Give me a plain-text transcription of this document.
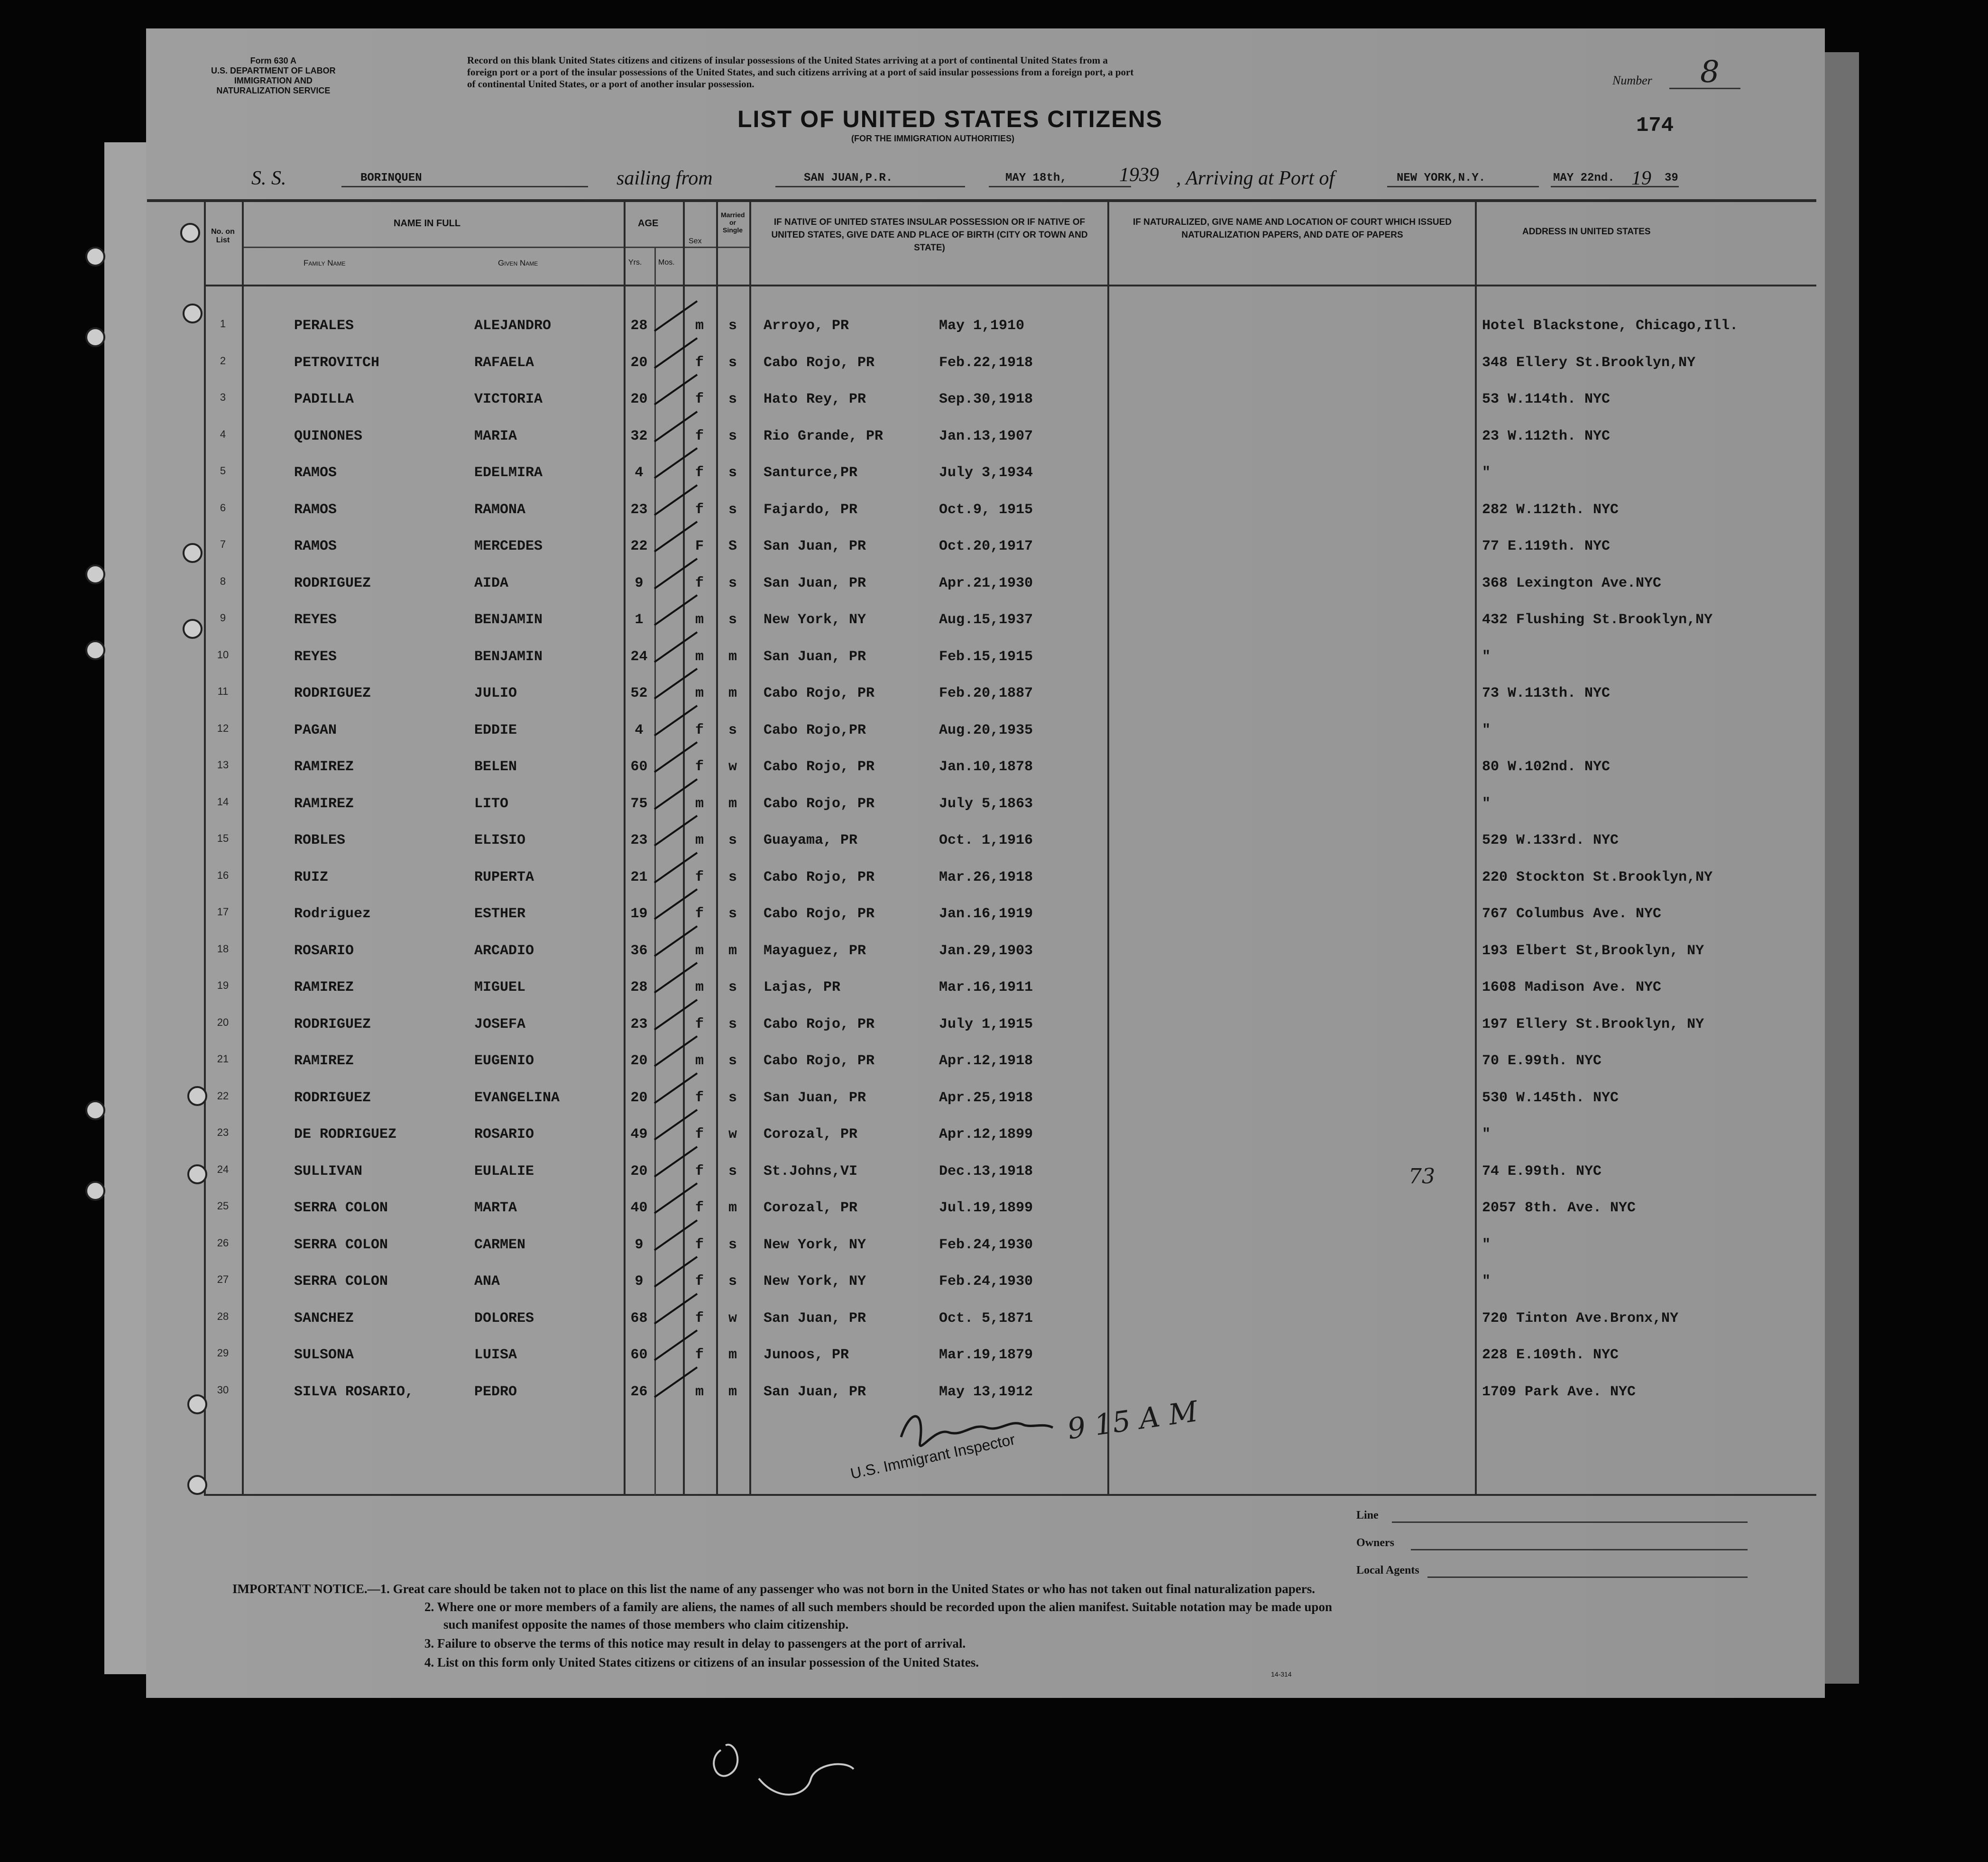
Form 630 A
U.S. DEPARTMENT OF LABOR
IMMIGRATION AND
NATURALIZATION SERVICE
Record on this blank United States citizens and citizens of insular possessions of the United States arriving at a port of continental United States from a
foreign port or a port of the insular possessions of the United States, and such citizens arriving at a port of said insular possessions from a foreign port, a port
of continental United States, or a port of another insular possession.	Number 8
174
LIST OF UNITED STATES CITIZENS
(FOR THE IMMIGRATION AUTHORITIES)
S. S.	BORINQUEN	sailing from	SAN JUAN,P.R.	MAY 18th,	1939 , Arriving at Port of	NEW YORK,N.Y.	MAY 22nd. 19 39
No. on List
NAME IN FULL
Family Name	Given Name
AGE
Yrs. Mos.
Sex
Married or Single
IF NATIVE OF UNITED STATES INSULAR POSSESSION OR IF NATIVE OF UNITED STATES, GIVE DATE AND PLACE OF BIRTH (CITY OR TOWN AND STATE)
IF NATURALIZED, GIVE NAME AND LOCATION OF COURT WHICH ISSUED NATURALIZATION PAPERS, AND DATE OF PAPERS	ADDRESS IN UNITED STATES
1	PERALES	ALEJANDRO	28	m	s	Arroyo, PR	May 1,1910	Hotel Blackstone, Chicago,Ill.
2	PETROVITCH	RAFAELA	20	f	s	Cabo Rojo, PR	Feb.22,1918	348 Ellery St.Brooklyn,NY
3	PADILLA	VICTORIA	20	f	s	Hato Rey, PR	Sep.30,1918	53 W.114th. NYC
4	QUINONES	MARIA	32	f	s	Rio Grande, PR	Jan.13,1907	23 W.112th. NYC
5	RAMOS	EDELMIRA	4	f	s	Santurce,PR	July 3,1934	"
6	RAMOS	RAMONA	23	f	s	Fajardo, PR	Oct.9, 1915	282 W.112th. NYC
7	RAMOS	MERCEDES	22	F	S	San Juan, PR	Oct.20,1917	77 E.119th. NYC
8	RODRIGUEZ	AIDA	9	f	s	San Juan, PR	Apr.21,1930	368 Lexington Ave.NYC
9	REYES	BENJAMIN	1	m	s	New York, NY	Aug.15,1937	432 Flushing St.Brooklyn,NY
10	REYES	BENJAMIN	24	m	m	San Juan, PR	Feb.15,1915	"
11	RODRIGUEZ	JULIO	52	m	m	Cabo Rojo, PR	Feb.20,1887	73 W.113th. NYC
12	PAGAN	EDDIE	4	f	s	Cabo Rojo,PR	Aug.20,1935	"
13	RAMIREZ	BELEN	60	f	w	Cabo Rojo, PR	Jan.10,1878	80 W.102nd. NYC
14	RAMIREZ	LITO	75	m	m	Cabo Rojo, PR	July 5,1863	"
15	ROBLES	ELISIO	23	m	s	Guayama, PR	Oct. 1,1916	529 W.133rd. NYC
16	RUIZ	RUPERTA	21	f	s	Cabo Rojo, PR	Mar.26,1918	220 Stockton St.Brooklyn,NY
17	Rodriguez	ESTHER	19	f	s	Cabo Rojo, PR	Jan.16,1919	767 Columbus Ave. NYC
18	ROSARIO	ARCADIO	36	m	m	Mayaguez, PR	Jan.29,1903	193 Elbert St,Brooklyn, NY
19	RAMIREZ	MIGUEL	28	m	s	Lajas, PR	Mar.16,1911	1608 Madison Ave. NYC
20	RODRIGUEZ	JOSEFA	23	f	s	Cabo Rojo, PR	July 1,1915	197 Ellery St.Brooklyn, NY
21	RAMIREZ	EUGENIO	20	m	s	Cabo Rojo, PR	Apr.12,1918	70 E.99th. NYC
22	RODRIGUEZ	EVANGELINA	20	f	s	San Juan, PR	Apr.25,1918	530 W.145th. NYC
23	DE RODRIGUEZ	ROSARIO	49	f	w	Corozal, PR	Apr.12,1899	"
24	SULLIVAN	EULALIE	20	f	s	St.Johns,VI	Dec.13,1918	74 E.99th. NYC
25	SERRA COLON	MARTA	40	f	m	Corozal, PR	Jul.19,1899	2057 8th. Ave. NYC
26	SERRA COLON	CARMEN	9	f	s	New York, NY	Feb.24,1930	"
27	SERRA COLON	ANA	9	f	s	New York, NY	Feb.24,1930	"
28	SANCHEZ	DOLORES	68	f	w	San Juan, PR	Oct. 5,1871	720 Tinton Ave.Bronx,NY
29	SULSONA	LUISA	60	f	m	Junoos, PR	Mar.19,1879	228 E.109th. NYC
30	SILVA ROSARIO,	PEDRO	26	m	m	San Juan, PR	May 13,1912	1709 Park Ave. NYC
73
U.S. Immigrant Inspector
9 15 A M
Line
Owners
Local Agents
IMPORTANT NOTICE.—1. Great care should be taken not to place on this list the name of any passenger who was not born in the United States or who has not taken out final naturalization papers.
2. Where one or more members of a family are aliens, the names of all such members should be recorded upon the alien manifest. Suitable notation may be made upon
such manifest opposite the names of those members who claim citizenship.
3. Failure to observe the terms of this notice may result in delay to passengers at the port of arrival.
4. List on this form only United States citizens or citizens of an insular possession of the United States.
14-314
